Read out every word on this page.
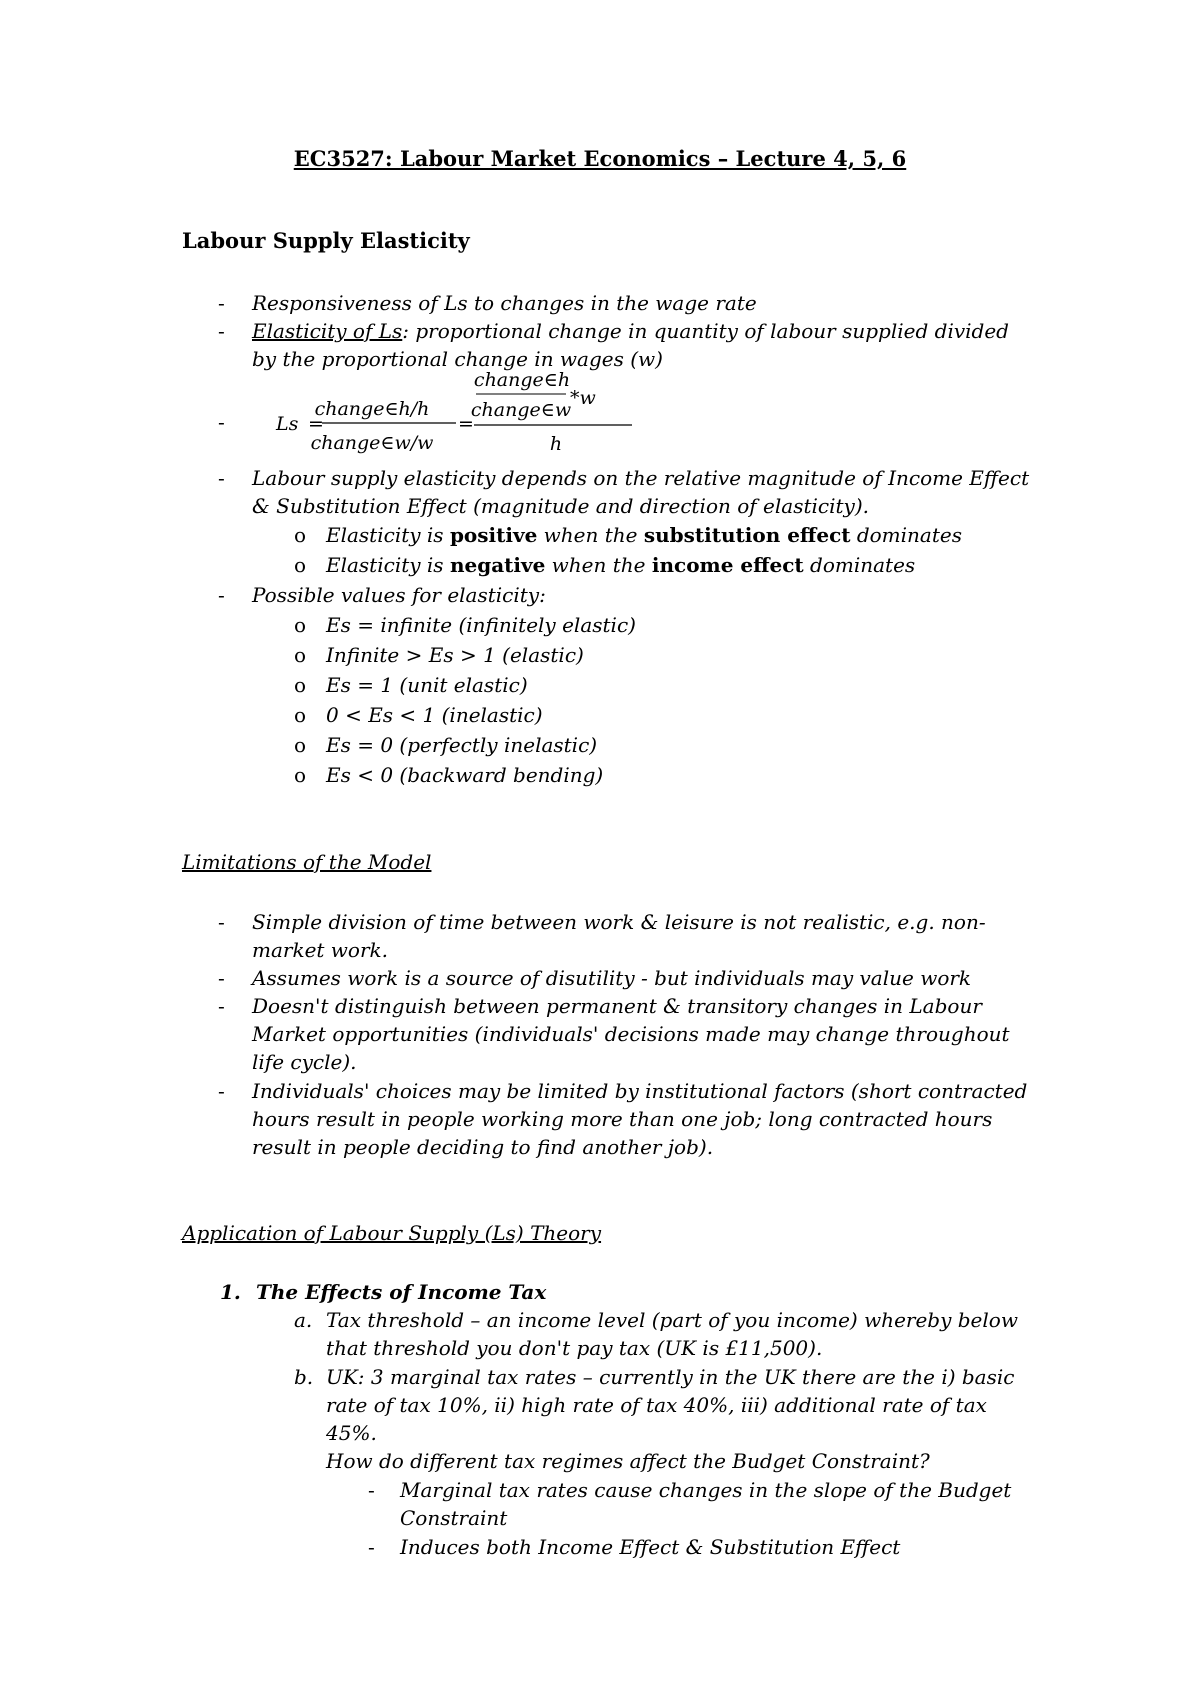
EC3527: Labour Market Economics – Lecture 4, 5, 6
Labour Supply Elasticity
- Responsiveness of Ls to changes in the wage rate
- Elasticity of Ls: proportional change in quantity of labour supplied divided
by the proportional change in wages (w)
-	Ls =
change∈h/h
change∈w/w
=
change∈h
change∈w
*w
h
- Labour supply elasticity depends on the relative magnitude of Income Effect
& Substitution Effect (magnitude and direction of elasticity).
o Elasticity is positive when the substitution effect dominates
o Elasticity is negative when the income effect dominates
- Possible values for elasticity:
o Es = infinite (infinitely elastic)
o Infinite > Es > 1 (elastic)
o Es = 1 (unit elastic)
o 0 < Es < 1 (inelastic)
o Es = 0 (perfectly inelastic)
o Es < 0 (backward bending)
Limitations of the Model
- Simple division of time between work & leisure is not realistic, e.g. non-
market work.
- Assumes work is a source of disutility - but individuals may value work
- Doesn't distinguish between permanent & transitory changes in Labour
Market opportunities (individuals' decisions made may change throughout
life cycle).
- Individuals' choices may be limited by institutional factors (short contracted
hours result in people working more than one job; long contracted hours
result in people deciding to find another job).
Application of Labour Supply (Ls) Theory
1. The Effects of Income Tax
a. Tax threshold – an income level (part of you income) whereby below
that threshold you don't pay tax (UK is £11,500).
b. UK: 3 marginal tax rates – currently in the UK there are the i) basic
rate of tax 10%, ii) high rate of tax 40%, iii) additional rate of tax
45%.
How do different tax regimes affect the Budget Constraint?
- Marginal tax rates cause changes in the slope of the Budget
Constraint
- Induces both Income Effect & Substitution Effect
